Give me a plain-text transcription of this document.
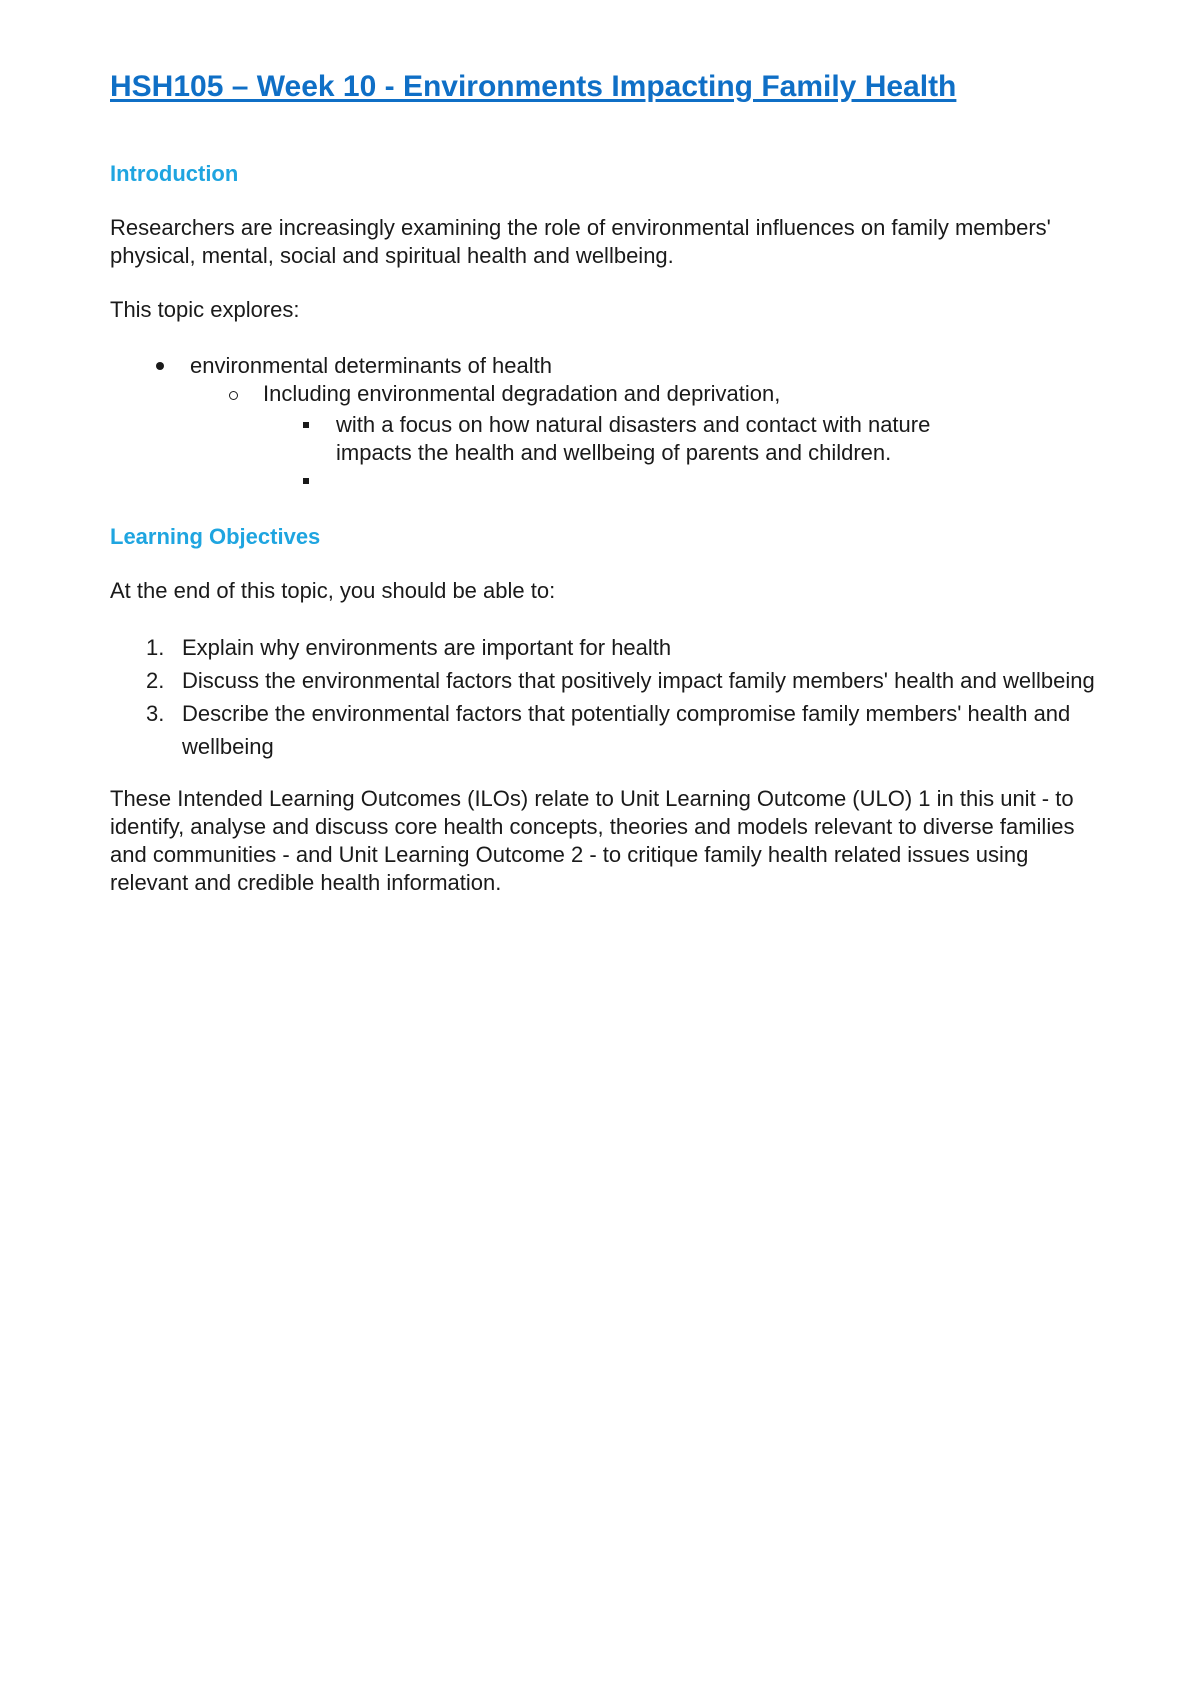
HSH105 – Week 10 - Environments Impacting Family Health
Introduction

Researchers are increasingly examining the role of environmental influences on family members' physical, mental, social and spiritual health and wellbeing.

This topic explores:

environmental determinants of health
Including environmental degradation and deprivation,
with a focus on how natural disasters and contact with nature impacts the health and wellbeing of parents and children.
Learning Objectives

At the end of this topic, you should be able to:

1. Explain why environments are important for health
2. Discuss the environmental factors that positively impact family members' health and wellbeing
3. Describe the environmental factors that potentially compromise family members' health and wellbeing

These Intended Learning Outcomes (ILOs) relate to Unit Learning Outcome (ULO) 1 in this unit - to identify, analyse and discuss core health concepts, theories and models relevant to diverse families and communities - and Unit Learning Outcome 2 - to critique family health related issues using relevant and credible health information.
